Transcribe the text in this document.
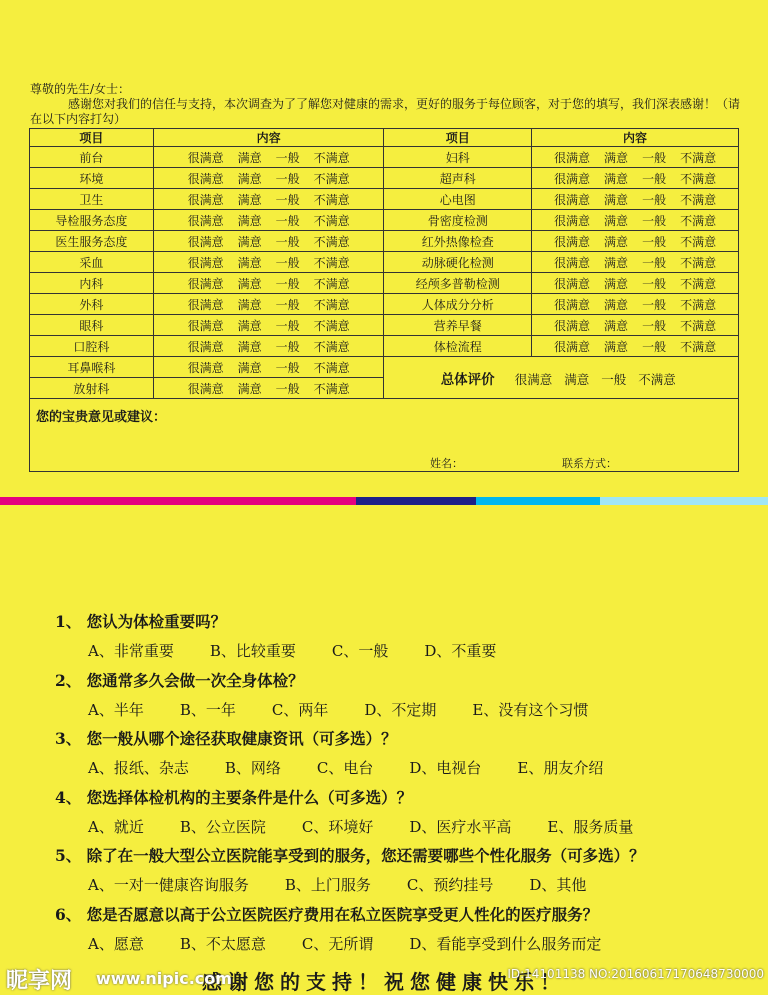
尊敬的先生/女士：
感谢您对我们的信任与支持，本次调查为了了解您对健康的需求，更好的服务于每位顾客，对于您的填写，我们深表感谢！（请在以下内容打勾）
项目	内容	项目	内容
前台	很满意 满意 一般 不满意	妇科	很满意 满意 一般 不满意
环境	很满意 满意 一般 不满意	超声科	很满意 满意 一般 不满意
卫生	很满意 满意 一般 不满意	心电图	很满意 满意 一般 不满意
导检服务态度	很满意 满意 一般 不满意	骨密度检测	很满意 满意 一般 不满意
医生服务态度	很满意 满意 一般 不满意	红外热像检查	很满意 满意 一般 不满意
采血	很满意 满意 一般 不满意	动脉硬化检测	很满意 满意 一般 不满意
内科	很满意 满意 一般 不满意	经颅多普勒检测	很满意 满意 一般 不满意
外科	很满意 满意 一般 不满意	人体成分分析	很满意 满意 一般 不满意
眼科	很满意 满意 一般 不满意	营养早餐	很满意 满意 一般 不满意
口腔科	很满意 满意 一般 不满意	体检流程	很满意 满意 一般 不满意
耳鼻喉科	很满意 满意 一般 不满意	总体评价 很满意 满意 一般 不满意	
放射科	很满意 满意 一般 不满意		
您的宝贵意见或建议：
姓名：	联系方式：
1、 您认为体检重要吗？
A、非常重要 B、比较重要 C、一般 D、不重要
2、 您通常多久会做一次全身体检？
A、半年 B、一年 C、两年 D、不定期 E、没有这个习惯
3、 您一般从哪个途径获取健康资讯（可多选）？
A、报纸、杂志 B、网络 C、电台 D、电视台 E、朋友介绍
4、 您选择体检机构的主要条件是什么（可多选）？
A、就近 B、公立医院 C、环境好 D、医疗水平高 E、服务质量
5、 除了在一般大型公立医院能享受到的服务，您还需要哪些个性化服务（可多选）？
A、一对一健康咨询服务 B、上门服务 C、预约挂号 D、其他
6、 您是否愿意以高于公立医院医疗费用在私立医院享受更人性化的医疗服务？
A、愿意 B、不太愿意 C、无所谓 D、看能享受到什么服务而定
感谢您的支持！祝您健康快乐！
昵享网 www.nipic.com	ID:14101138 NO:20160617170648730000
